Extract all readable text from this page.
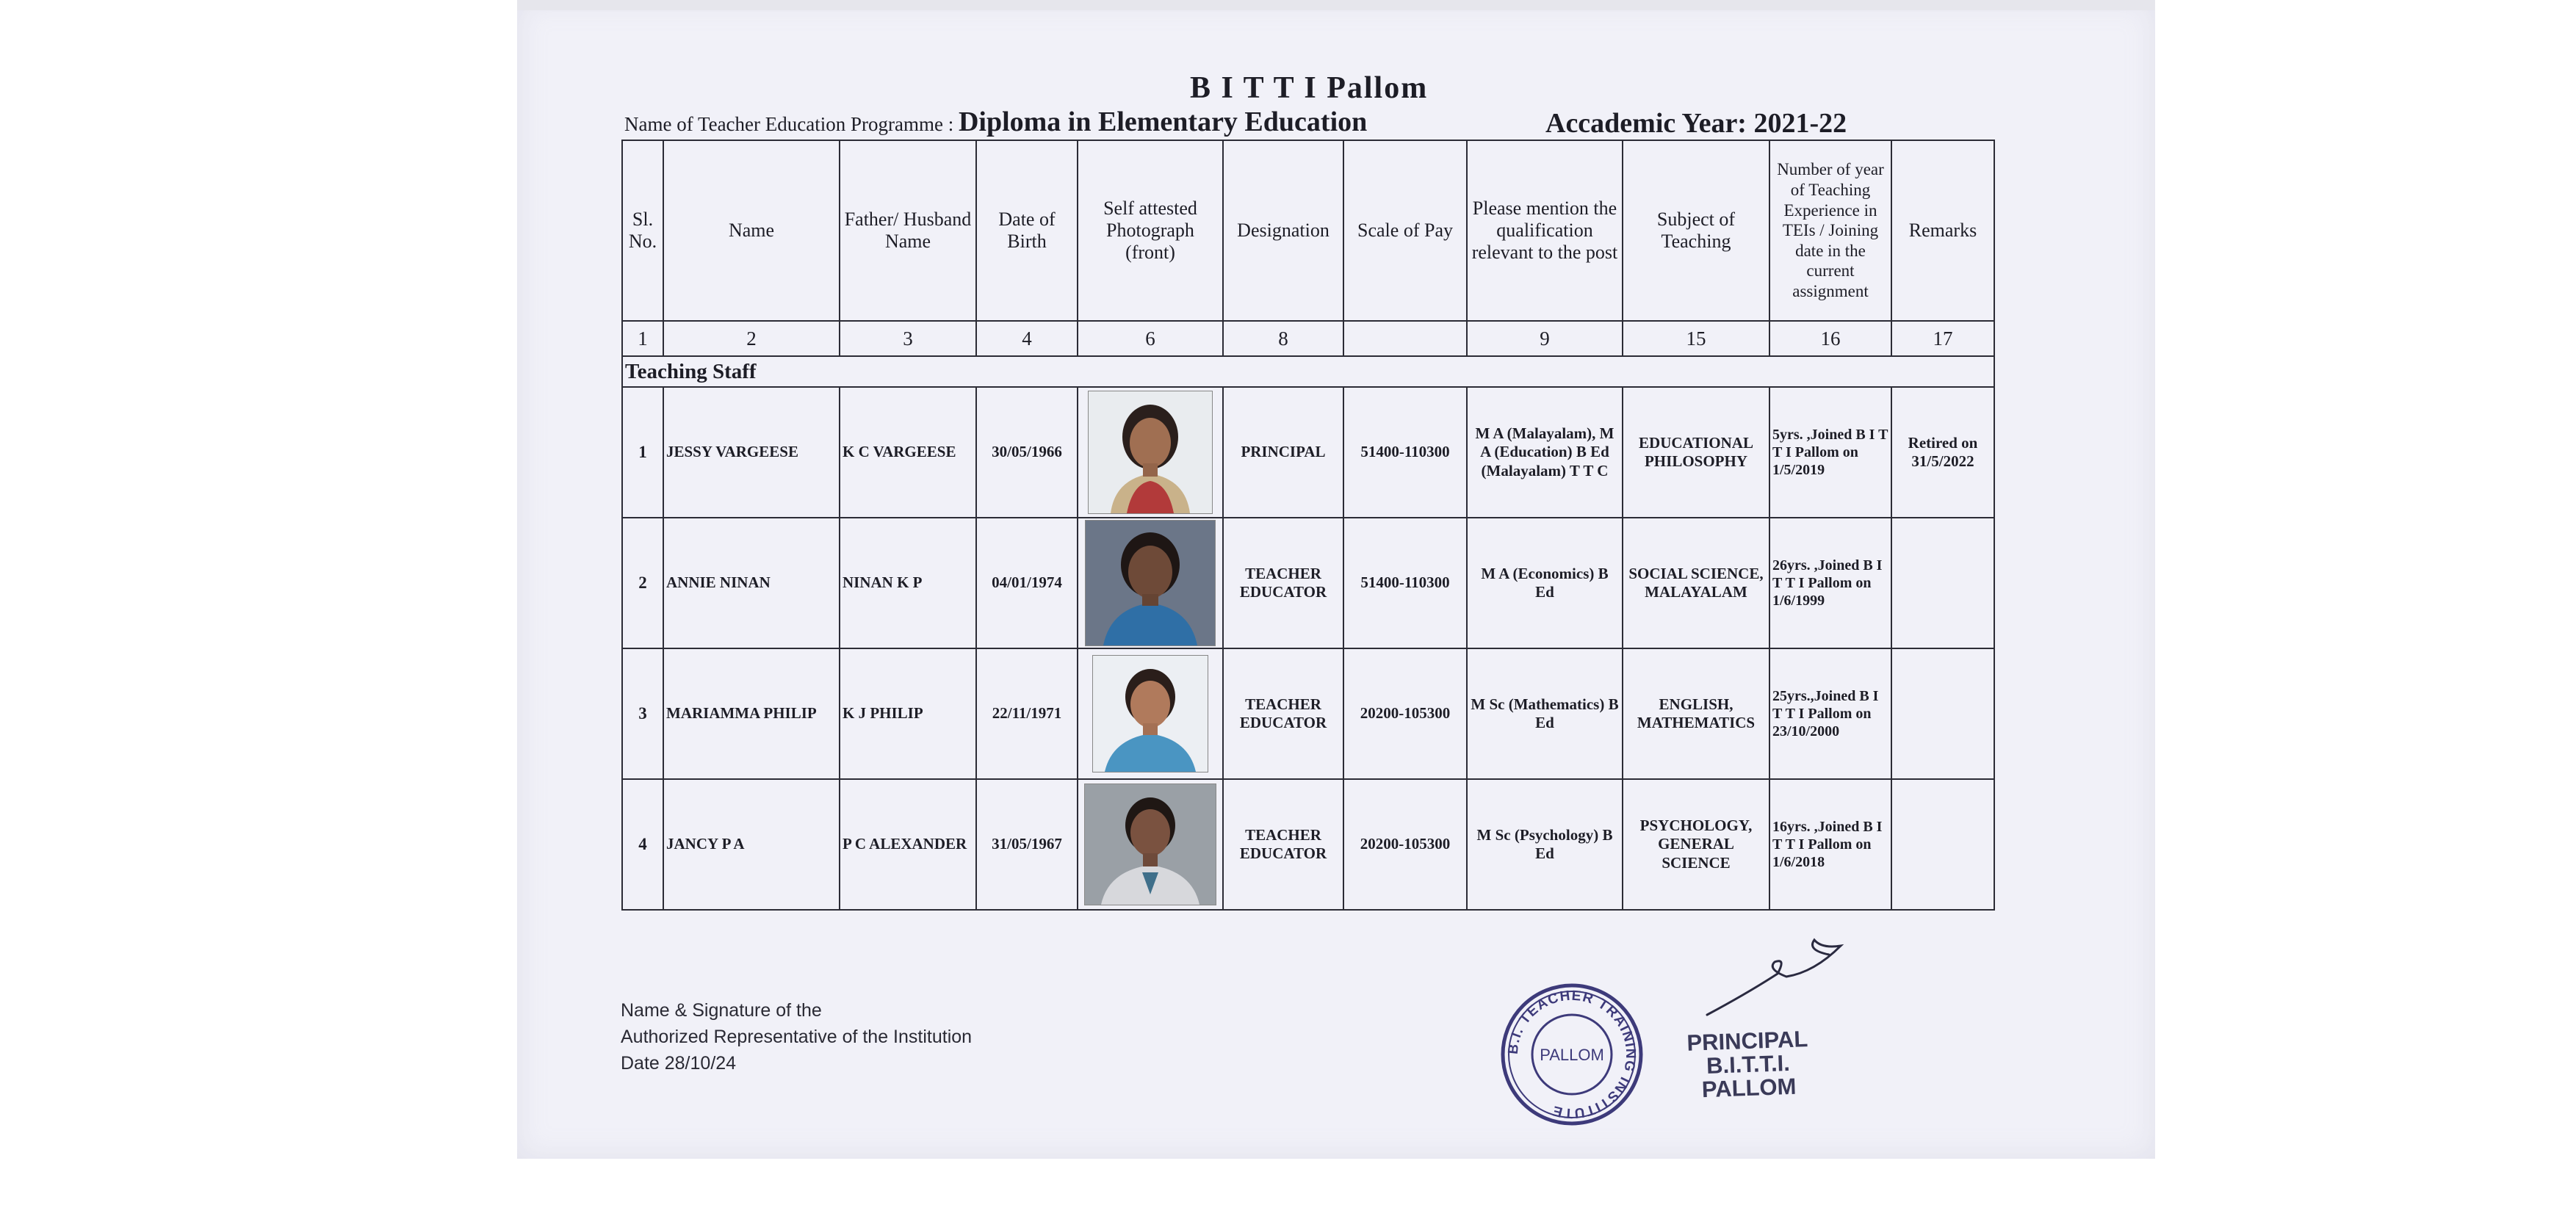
B I T T I Pallom
Name of Teacher Education Programme : Diploma in Elementary Education	Accademic Year: 2021-22
Sl. No.	Name	Father/ Husband Name	Date of Birth	Self attested Photograph (front)	Designation	Scale of Pay	Please mention the qualification relevant to the post	Subject of Teaching	Number of year of Teaching Experience in TEIs / Joining date in the current assignment	Remarks
1	2	3	4	6	8		9	15	16	17
Teaching Staff										
1	JESSY VARGEESE	K C VARGEESE	30/05/1966		PRINCIPAL	51400-110300	M A (Malayalam), M A (Education) B Ed (Malayalam) T T C	EDUCATIONAL PHILOSOPHY	5yrs. ,Joined B I T T I Pallom on 1/5/2019	Retired on 31/5/2022
2	ANNIE NINAN	NINAN K P	04/01/1974		TEACHER EDUCATOR	51400-110300	M A (Economics) B Ed	SOCIAL SCIENCE, MALAYALAM	26yrs. ,Joined B I T T I Pallom on 1/6/1999	
3	MARIAMMA PHILIP	K J PHILIP	22/11/1971		TEACHER EDUCATOR	20200-105300	M Sc (Mathematics) B Ed	ENGLISH, MATHEMATICS	25yrs.,Joined B I T T I Pallom on 23/10/2000	
4	JANCY P A	P C ALEXANDER	31/05/1967		TEACHER EDUCATOR	20200-105300	M Sc (Psychology) B Ed	PSYCHOLOGY, GENERAL SCIENCE	16yrs. ,Joined B I T T I Pallom on 1/6/2018	
Name & Signature of the
Authorized Representative of the Institution
Date 28/10/24
B.I. TEACHER TRAINING INSTITUTE
PALLOM	PRINCIPAL
B.I.T.T.I.
PALLOM
